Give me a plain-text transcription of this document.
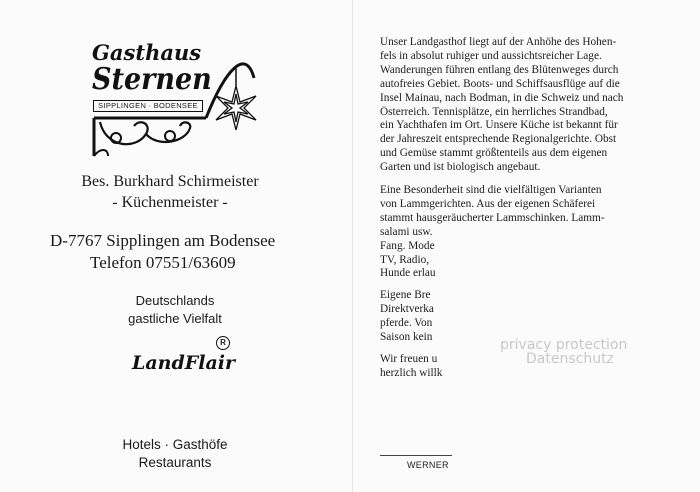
Gasthaus
Sternen
SIPPLINGEN · BODENSEE
Bes. Burkhard Schirmeister
- Küchenmeister -
D-7767 Sipplingen am Bodensee
Telefon 07551/63609
Deutschlands
gastliche Vielfalt
LandFlair
R
Hotels · Gasthöfe
Restaurants
Unser Landgasthof liegt auf der Anhöhe des Hohen-
fels in absolut ruhiger und aussichtsreicher Lage.
Wanderungen führen entlang des Blütenweges durch
autofreies Gebiet. Boots- und Schiffsausflüge auf die
Insel Mainau, nach Bodman, in die Schweiz und nach
Österreich. Tennisplätze, ein herrliches Strandbad,
ein Yachthafen im Ort. Unsere Küche ist bekannt für
der Jahreszeit entsprechende Regionalgerichte. Obst
und Gemüse stammt größtenteils aus dem eigenen
Garten und ist biologisch angebaut.
Eine Besonderheit sind die vielfältigen Varianten
von Lammgerichten. Aus der eigenen Schäferei
stammt hausgeräucherter Lammschinken. Lamm-
salami usw.
Fang. Mode
TV, Radio,
Hunde erlau
Eigene Bre
Direktverka
pferde. Von
Saison kein
Wir freuen u
herzlich willk
privacy protection
Datenschutz
WERNER
